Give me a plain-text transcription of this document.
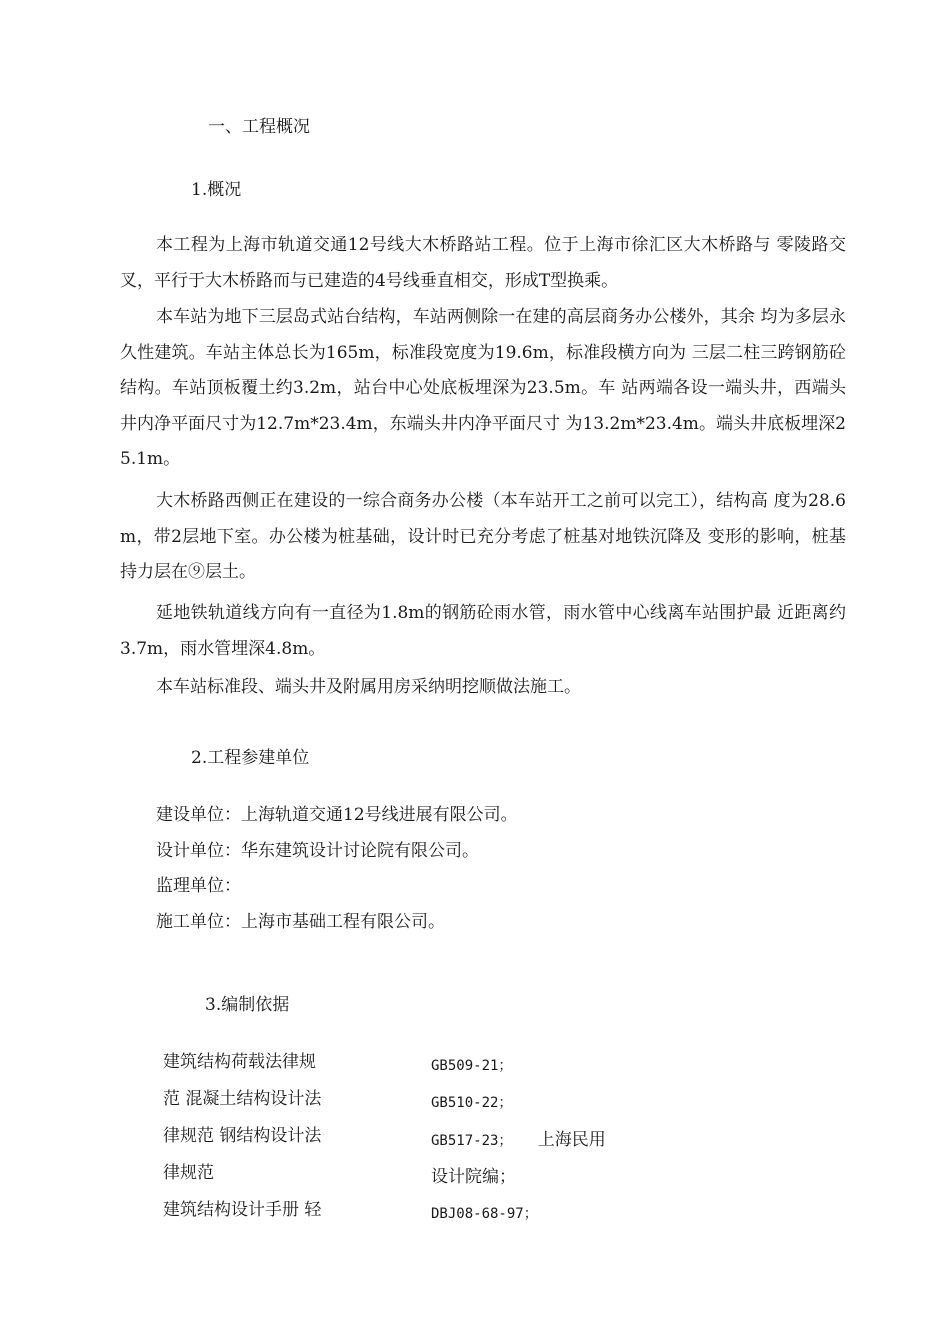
一、工程概况
1.概况
本工程为上海市轨道交通12号线大木桥路站工程。位于上海市徐汇区大木桥路与 零陵路交叉，平行于大木桥路而与已建造的4号线垂直相交，形成T型换乘。
本车站为地下三层岛式站台结构，车站两侧除一在建的高层商务办公楼外，其余 均为多层永久性建筑。车站主体总长为165m，标准段宽度为19.6m，标准段横方向为 三层二柱三跨钢筋砼结构。车站顶板覆土约3.2m，站台中心处底板埋深为23.5m。车 站两端各设一端头井，西端头井内净平面尺寸为12.7m*23.4m，东端头井内净平面尺寸 为13.2m*23.4m。端头井底板埋深25.1m。
大木桥路西侧正在建设的一综合商务办公楼（本车站开工之前可以完工），结构高 度为28.6m，带2层地下室。办公楼为桩基础，设计时已充分考虑了桩基对地铁沉降及 变形的影响，桩基持力层在⑨层土。
延地铁轨道线方向有一直径为1.8m的钢筋砼雨水管，雨水管中心线离车站围护最 近距离约3.7m，雨水管埋深4.8m。
本车站标准段、端头井及附属用房采纳明挖顺做法施工。
2.工程参建单位
建设单位：上海轨道交通12号线进展有限公司。
设计单位：华东建筑设计讨论院有限公司。
监理单位：
施工单位：上海市基础工程有限公司。
3.编制依据
建筑结构荷载法律规
范 混凝土结构设计法
律规范 钢结构设计法
律规范
建筑结构设计手册 轻
GB509-21；
GB510-22；
GB517-23； 上海民用
设计院编；
DBJ08-68-97；
